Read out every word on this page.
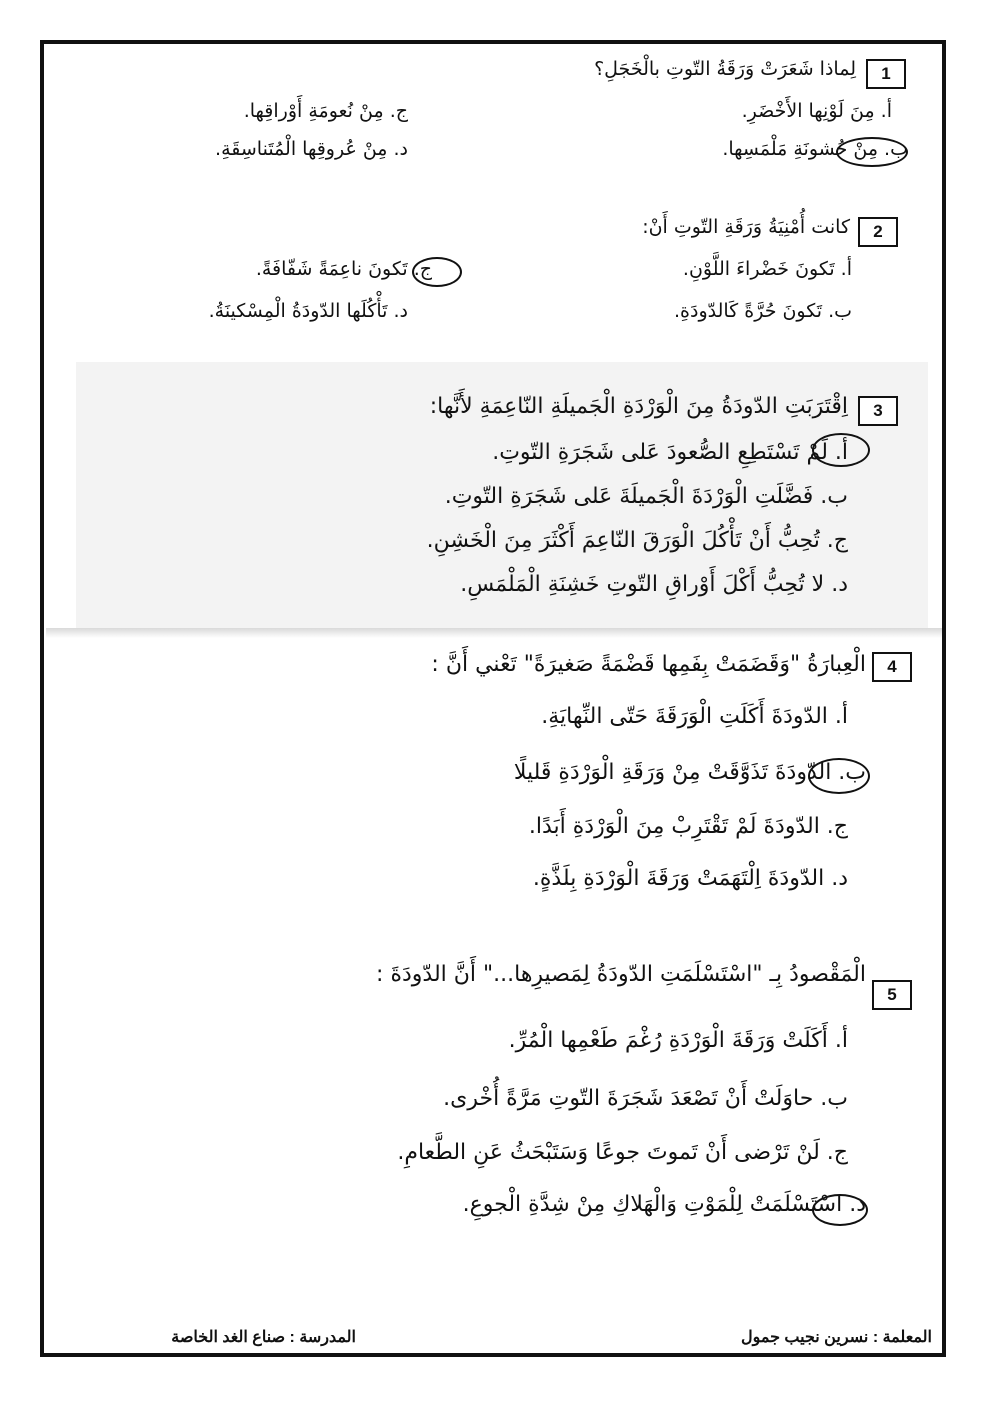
1
لِماذا شَعَرَتْ وَرَقَةُ التّوتِ بالْخَجَلِ؟
أ. مِنَ لَوْنِها الأَخْضَرِ.
ب. مِنْ خُشونَةِ مَلْمَسِها.
ج. مِنْ نُعومَةِ أَوْراقِها.
د. مِنْ عُروقِها الْمُتَناسِقَةِ.
2
كانت أُمْنِيَةُ وَرَقَةِ التّوتِ أَنْ:
أ. تَكونَ خَضْراءَ اللَّوْنِ.
ب. تَكونَ حُرَّةً كَالدّودَةِ.
ج. تَكونَ ناعِمَةً شَفّافَةً.
د. تَأْكُلَها الدّودَةُ الْمِسْكينَةُ.
3
اِقْتَرَبَتِ الدّودَةُ مِنَ الْوَرْدَةِ الْجَميلَةِ النّاعِمَةِ لأَنَّها:
أ. لَمْ تَسْتَطِعِ الصُّعودَ عَلى شَجَرَةِ التّوتِ.
ب. فَضَّلَتِ الْوَرْدَةَ الْجَميلَةَ عَلى شَجَرَةِ التّوتِ.
ج. تُحِبُّ أَنْ تَأْكُلَ الْوَرَقَ النّاعِمَ أَكْثَرَ مِنَ الْخَشِنِ.
د. لا تُحِبُّ أَكْلَ أَوْراقِ التّوتِ خَشِنَةِ الْمَلْمَسِ.
4
الْعِبارَةُ "وَقَضَمَتْ بِفَمِها قَضْمَةً صَغيرَةً" تَعْني أَنَّ :
أ. الدّودَةَ أَكَلَتِ الْوَرَقَةَ حَتّى النِّهايَةِ.
ب. الدّودَةَ تَذَوَّقَتْ مِنْ وَرَقَةِ الْوَرْدَةِ قَليلًا
ج. الدّودَةَ لَمْ تَقْتَرِبْ مِنَ الْوَرْدَةِ أَبَدًا.
د. الدّودَةَ اِلْتَهَمَتْ وَرَقَةَ الْوَرْدَةِ بِلَذَّةٍ.
5
الْمَقْصودُ بِـ "اسْتَسْلَمَتِ الدّودَةُ لِمَصيرِها..." أَنَّ الدّودَةَ :
أ. أَكَلَتْ وَرَقَةَ الْوَرْدَةِ رُغْمَ طَعْمِها الْمُرِّ.
ب. حاوَلَتْ أَنْ تَصْعَدَ شَجَرَةَ التّوتِ مَرَّةً أُخْرى.
ج. لَنْ تَرْضى أَنْ تَموتَ جوعًا وَسَتَبْحَثُ عَنِ الطَّعامِ.
د. اسْتَسْلَمَتْ لِلْمَوْتِ وَالْهَلاكِ مِنْ شِدَّةِ الْجوعِ.
المعلمة : نسرين نجيب جمول
المدرسة : صناع الغد الخاصة
